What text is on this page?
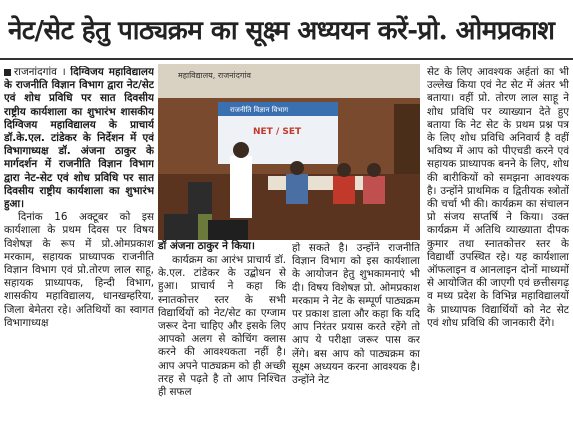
नेट/सेट हेतु पाठ्यक्रम का सूक्ष्म अध्ययन करें-प्रो. ओमप्रकाश

राजनांदगांव । दिग्विजय महाविद्यालय के राजनीति विज्ञान विभाग द्वारा नेट/सेट एवं शोध प्रविधि पर सात दिवसीय राष्ट्रीय कार्यशाला का शुभारंभ शासकीय दिग्विजय महाविद्यालय के प्राचार्य डॉ.के.एल. टांडेकर के निर्देशन में एवं विभागाध्यक्ष डॉ. अंजना ठाकुर के मार्गदर्शन में राजनीति विज्ञान विभाग द्वारा नेट-सेट एवं शोध प्रविधि पर सात दिवसीय राष्ट्रीय कार्यशाला का शुभारंभ हुआ।

दिनांक 16 अक्टूबर को इस कार्यशाला के प्रथम दिवस पर विषय विशेषज्ञ के रूप में प्रो.ओमप्रकाश मरकाम, सहायक प्राध्यापक राजनीति विज्ञान विभाग एवं प्रो.तोरण लाल साहू, सहायक प्राध्यापक, हिन्दी विभाग, शासकीय महाविद्यालय, धानखम्हरिया, जिला बेमेतरा रहे। अतिथियों का स्वागत विभागाध्यक्ष

महाविद्यालय, राजनांदगांव
राजनीति विज्ञान विभाग
NET / SET
डॉ अंजना ठाकुर ने किया।

कार्यक्रम का आरंभ प्राचार्य डॉ. के.एल. टांडेकर के उद्बोधन से हुआ। प्राचार्य ने कहा कि स्नातकोत्तर स्तर के सभी विद्यार्थियों को नेट/सेट का एग्जाम जरूर देना चाहिए और इसके लिए आपको अलग से कोचिंग क्लास करने की आवश्यकता नहीं है। आप अपने पाठ्यक्रम को ही अच्छी तरह से पढ़ते है तो आप निश्चित ही सफल

हो सकते है। उन्होंने राजनीति विज्ञान विभाग को इस कार्यशाला के आयोजन हेतु शुभकामनाएं भी दी। विषय विशेषज्ञ प्रो. ओमप्रकाश मरकाम ने नेट के सम्पूर्ण पाठ्यक्रम पर प्रकाश डाला और कहा कि यदि आप निरंतर प्रयास करते रहेंगे तो आप ये परीक्षा जरूर पास कर लेंगे। बस आप को पाठ्यक्रम का सूक्ष्म अध्ययन करना आवश्यक है। उन्होंने नेट

सेट के लिए आवश्यक अर्हतां का भी उल्लेख किया एवं नेट सेट में अंतर भी बताया। वहीं प्रो. तोरण लाल साहू ने शोध प्रविधि पर व्याख्यान देते हुए बताया कि नेट सेट के प्रथम प्रश्न पत्र के लिए शोध प्रविधि अनिवार्य है वहीं भविष्य में आप को पीएचडी करने एवं सहायक प्राध्यापक बनने के लिए, शोध की बारीकियों को समझना आवश्यक है। उन्होंने प्राथमिक व द्वितीयक स्त्रोतों की चर्चा भी की। कार्यक्रम का संचालन प्रो संजय सप्तर्षि ने किया। उक्त कार्यक्रम में अतिथि व्याख्याता दीपक कुमार तथा स्नातकोत्तर स्तर के विद्यार्थी उपस्थित रहे। यह कार्यशाला ऑफलाइन व आनलाइन दोनों माध्यमों से आयोजित की जाएगी एवं छत्तीसगढ़ व मध्य प्रदेश के विभिन्न महाविद्यालयों के प्राध्यापक विद्यार्थियों को नेट सेट एवं शोध प्रविधि की जानकारी देंगे।
